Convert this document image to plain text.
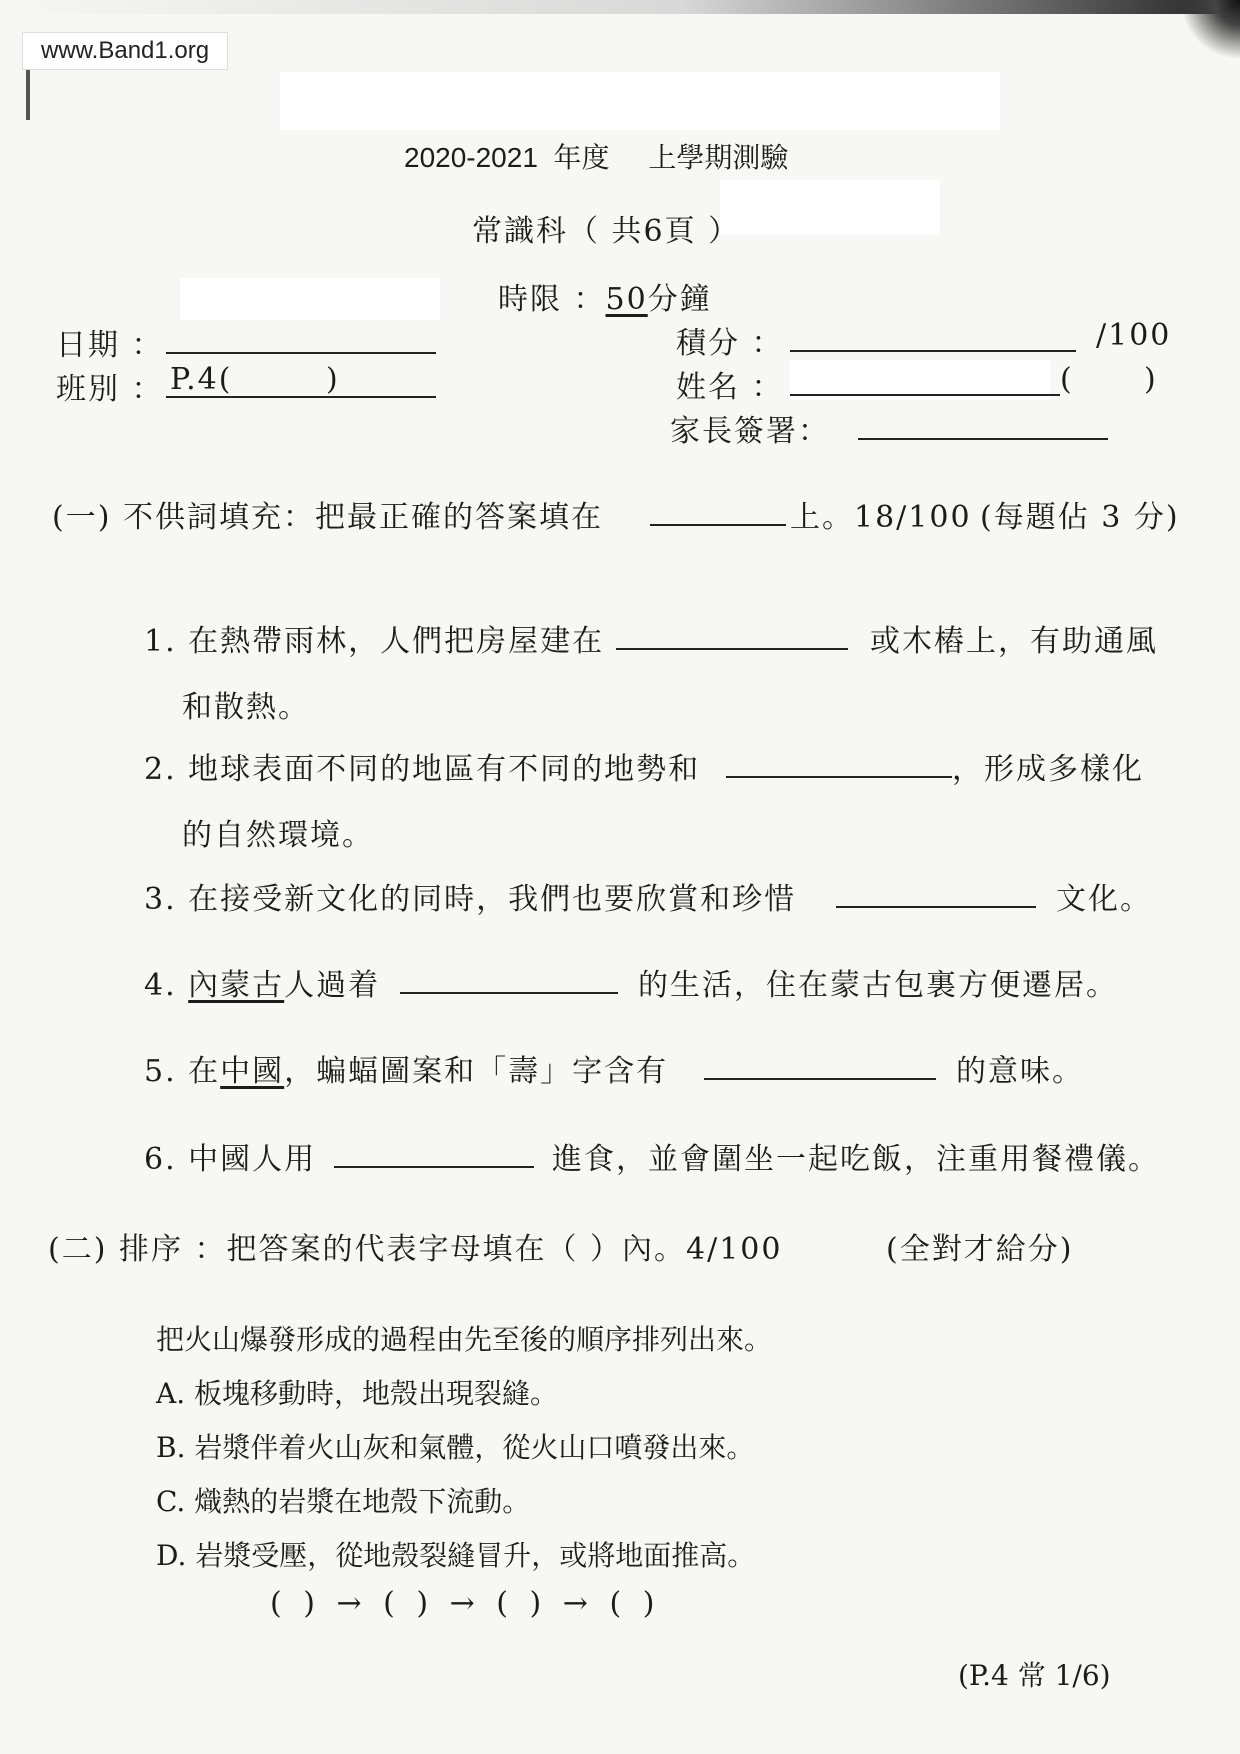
www.Band1.org
2020-2021 年度 上學期測驗
常識科（ 共6頁 ）
時限 ：50分鐘
日期 ：
班別 ： P.4(	)
積分 ：	/100
姓名 ：	( )
家長簽署：
(一) 不供詞填充：把最正確的答案填在	上。18/100 (每題佔 3 分)
1. 在熱帶雨林，人們把房屋建在	或木樁上，有助通風
和散熱。
2. 地球表面不同的地區有不同的地勢和	，形成多樣化
的自然環境。
3. 在接受新文化的同時，我們也要欣賞和珍惜	文化。
4. 內蒙古人過着	的生活，住在蒙古包裏方便遷居。
5. 在中國，蝙蝠圖案和「壽」字含有	的意味。
6. 中國人用	進食，並會圍坐一起吃飯，注重用餐禮儀。
(二) 排序 ：把答案的代表字母填在（ ）內。4/100	(全對才給分)
把火山爆發形成的過程由先至後的順序排列出來。
A. 板塊移動時，地殼出現裂縫。
B. 岩漿伴着火山灰和氣體，從火山口噴發出來。
C. 熾熱的岩漿在地殼下流動。
D. 岩漿受壓，從地殼裂縫冒升，或將地面推高。
( ) → ( ) → ( ) → ( )
(P.4 常 1/6)
